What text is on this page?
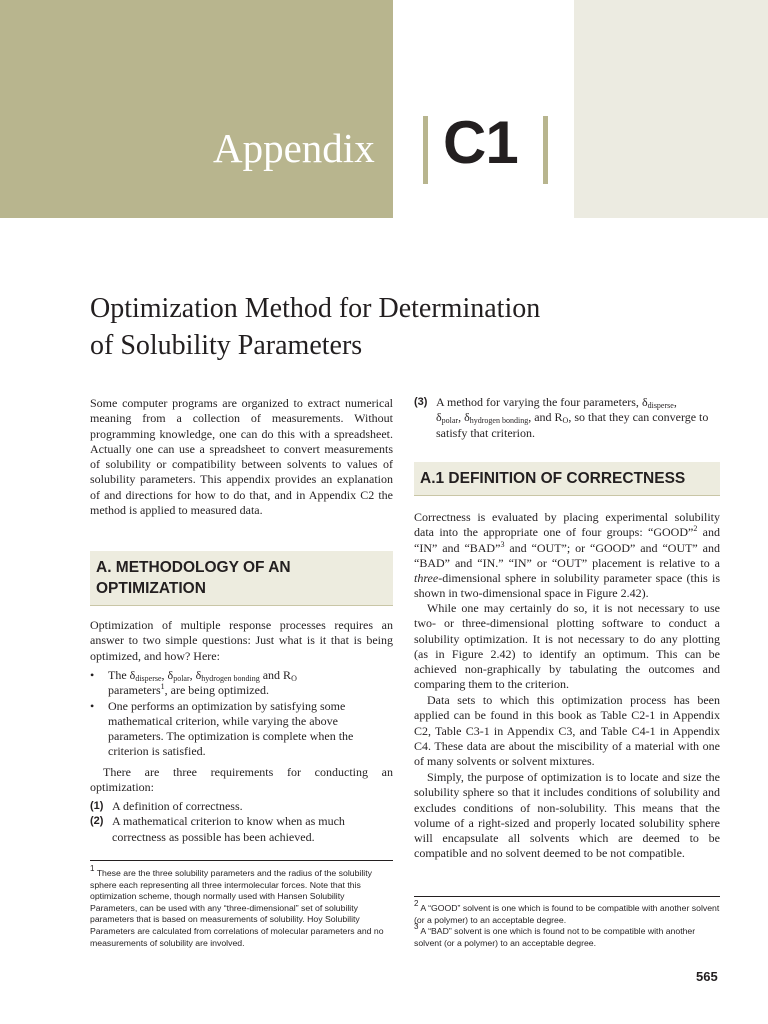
Appendix C1
Optimization Method for Determination
of Solubility Parameters
Some computer programs are organized to extract numerical meaning from a collection of measurements. Without programming knowledge, one can do this with a spreadsheet. Actually one can use a spreadsheet to convert measurements of solubility or compatibility between solvents to values of solubility parameters. This appendix provides an explanation of and directions for how to do that, and in Appendix C2 the method is applied to measured data.
A. METHODOLOGY OF AN OPTIMIZATION
Optimization of multiple response processes requires an answer to two simple questions: Just what is it that is being optimized, and how? Here:
• The $\delta_{disperse}$, $\delta_{polar}$, $\delta_{hydrogen bonding}$ and $R_O$
parameters$^1$, are being optimized.
• One performs an optimization by satisfying some mathematical criterion, while varying the above parameters. The optimization is complete when the criterion is satisfied.
There are three requirements for conducting an optimization:
(1) A definition of correctness.
(2) A mathematical criterion to know when as much correctness as possible has been achieved.
$^1$ These are the three solubility parameters and the radius of the solubility sphere each representing all three intermolecular forces. Note that this optimization scheme, though normally used with Hansen Solubility Parameters, can be used with any “three-dimensional” set of solubility parameters that is based on measurements of solubility. Hoy Solubility Parameters are calculated from correlations of molecular parameters and no measurements of solubility are involved.
(3) A method for varying the four parameters, $\delta_{disperse}$,
$\delta_{polar}$, $\delta_{hydrogen bonding}$, and $R_O$, so that they can converge to satisfy that criterion.
A.1 DEFINITION OF CORRECTNESS
Correctness is evaluated by placing experimental solubility data into the appropriate one of four groups: “GOOD”$^2$ and “IN” and “BAD”$^3$ and “OUT”; or “GOOD” and “OUT” and “BAD” and “IN.” “IN” or “OUT” placement is relative to a three-dimensional sphere in solubility parameter space (this is shown in two-dimensional space in Figure 2.42).
While one may certainly do so, it is not necessary to use two- or three-dimensional plotting software to conduct a solubility optimization. It is not necessary to do any plotting (as in Figure 2.42) to identify an optimum. This can be achieved non-graphically by tabulating the outcomes and comparing them to the criterion.
Data sets to which this optimization process has been applied can be found in this book as Table C2-1 in Appendix C2, Table C3-1 in Appendix C3, and Table C4-1 in Appendix C4. These data are about the miscibility of a material with one of many solvents or solvent mixtures.
Simply, the purpose of optimization is to locate and size the solubility sphere so that it includes conditions of solubility and excludes conditions of non-solubility. This means that the volume of a right-sized and properly located solubility sphere will encapsulate all solvents which are deemed to be compatible and no solvent deemed to be not compatible.
$^2$ A “GOOD” solvent is one which is found to be compatible with another solvent (or a polymer) to an acceptable degree.
$^3$ A “BAD” solvent is one which is found not to be compatible with another solvent (or a polymer) to an acceptable degree.
565
